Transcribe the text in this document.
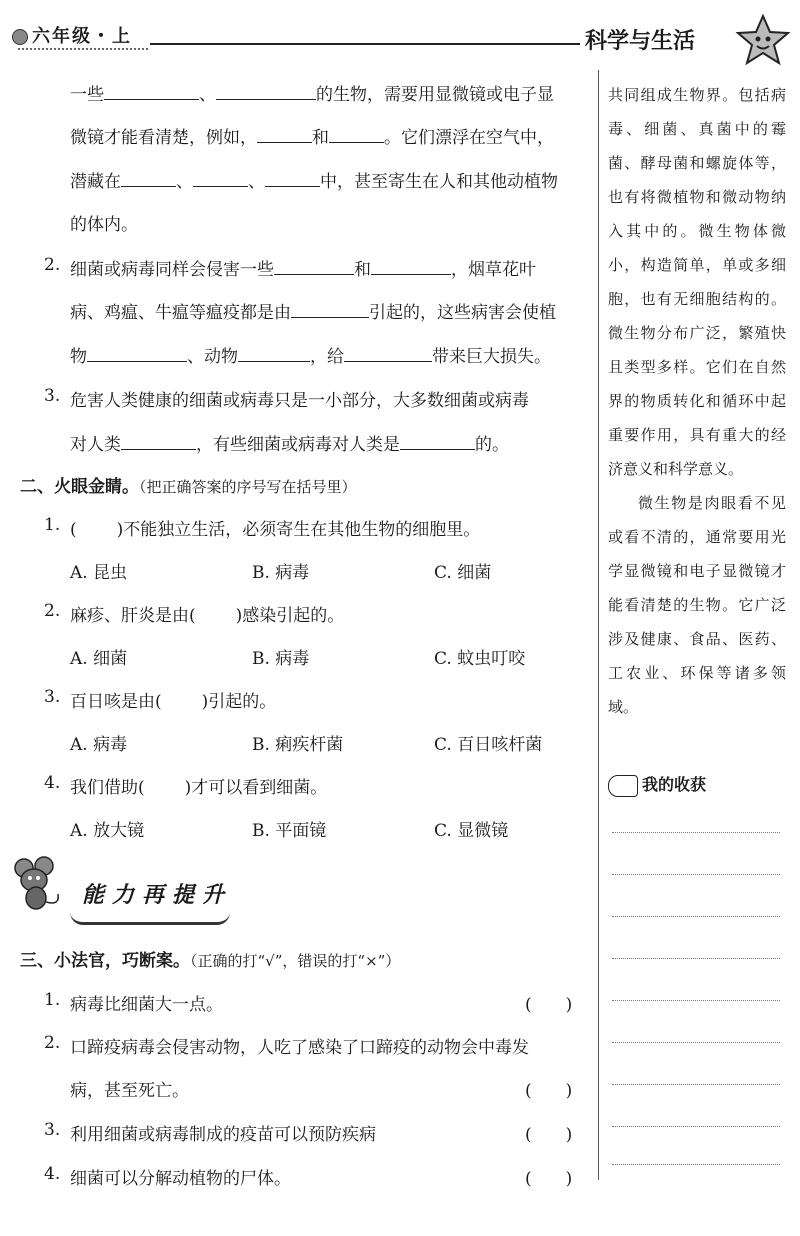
六年级・上	科学与生活
一些	、	的生物，需要用显微镜或电子显
微镜才能看清楚，例如，	和	。它们漂浮在空气中，
潜藏在	、	、	中，甚至寄生在人和其他动植物
的体内。
2. 细菌或病毒同样会侵害一些	和	，烟草花叶
病、鸡瘟、牛瘟等瘟疫都是由	引起的，这些病害会使植
物	、动物	，给	带来巨大损失。
3. 危害人类健康的细菌或病毒只是一小部分，大多数细菌或病毒
对人类	，有些细菌或病毒对人类是	的。
二、火眼金睛。（把正确答案的序号写在括号里）
1. ( )不能独立生活，必须寄生在其他生物的细胞里。
A. 昆虫	B. 病毒	C. 细菌
2. 麻疹、肝炎是由( )感染引起的。
A. 细菌	B. 病毒	C. 蚊虫叮咬
3. 百日咳是由( )引起的。
A. 病毒	B. 痢疾杆菌	C. 百日咳杆菌
4. 我们借助( )才可以看到细菌。
A. 放大镜	B. 平面镜	C. 显微镜
三、小法官，巧断案。（正确的打“√”，错误的打“×”）
1. 病毒比细菌大一点。	(　　)
2. 口蹄疫病毒会侵害动物，人吃了感染了口蹄疫的动物会中毒发
病，甚至死亡。	(　　)
3. 利用细菌或病毒制成的疫苗可以预防疾病	(　　)
4. 细菌可以分解动植物的尸体。	(　　)
能力再提升

共同组成生物界。包括病毒、细菌、真菌中的霉菌、酵母菌和螺旋体等，也有将微植物和微动物纳入其中的。微生物体微小，构造简单，单或多细胞，也有无细胞结构的。微生物分布广泛，繁殖快且类型多样。它们在自然界的物质转化和循环中起重要作用，具有重大的经济意义和科学意义。

微生物是肉眼看不见或看不清的，通常要用光学显微镜和电子显微镜才能看清楚的生物。它广泛涉及健康、食品、医药、工农业、环保等诸多领域。

我的收获
